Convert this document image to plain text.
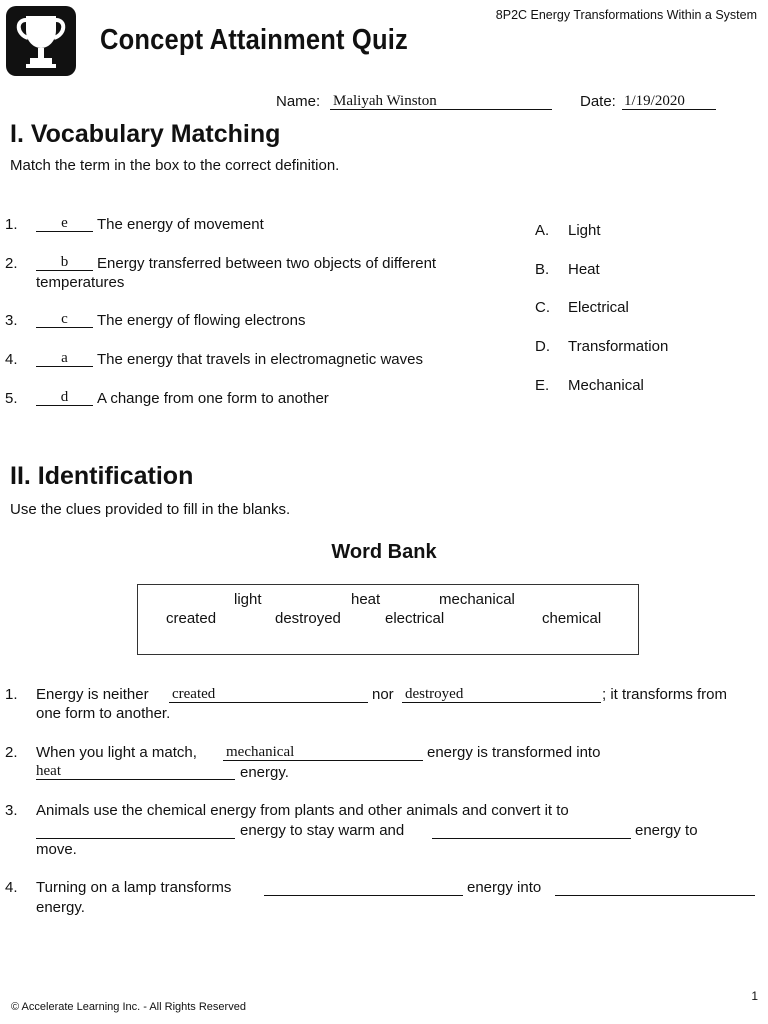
Concept Attainment Quiz
8P2C Energy Transformations Within a System
Name: Maliyah Winston	Date: 1/19/2020
I. Vocabulary Matching
Match the term in the box to the correct definition.
1.	e	The energy of movement
2.	b	Energy transferred between two objects of different
temperatures
3.	c	The energy of flowing electrons
4.	a	The energy that travels in electromagnetic waves
5.	d	A change from one form to another
A. Light
B. Heat
C. Electrical
D. Transformation
E. Mechanical
II. Identification
Use the clues provided to fill in the blanks.
Word Bank
light	heat	mechanical
created	destroyed	electrical	chemical
1. Energy is neither created	nor destroyed	; it transforms from
one form to another.
2. When you light a match, mechanical	energy is transformed into
heat	energy.
3. Animals use the chemical energy from plants and other animals and convert it to
energy to stay warm and	energy to
move.
4. Turning on a lamp transforms	energy into
energy.
© Accelerate Learning Inc. - All Rights Reserved
1
